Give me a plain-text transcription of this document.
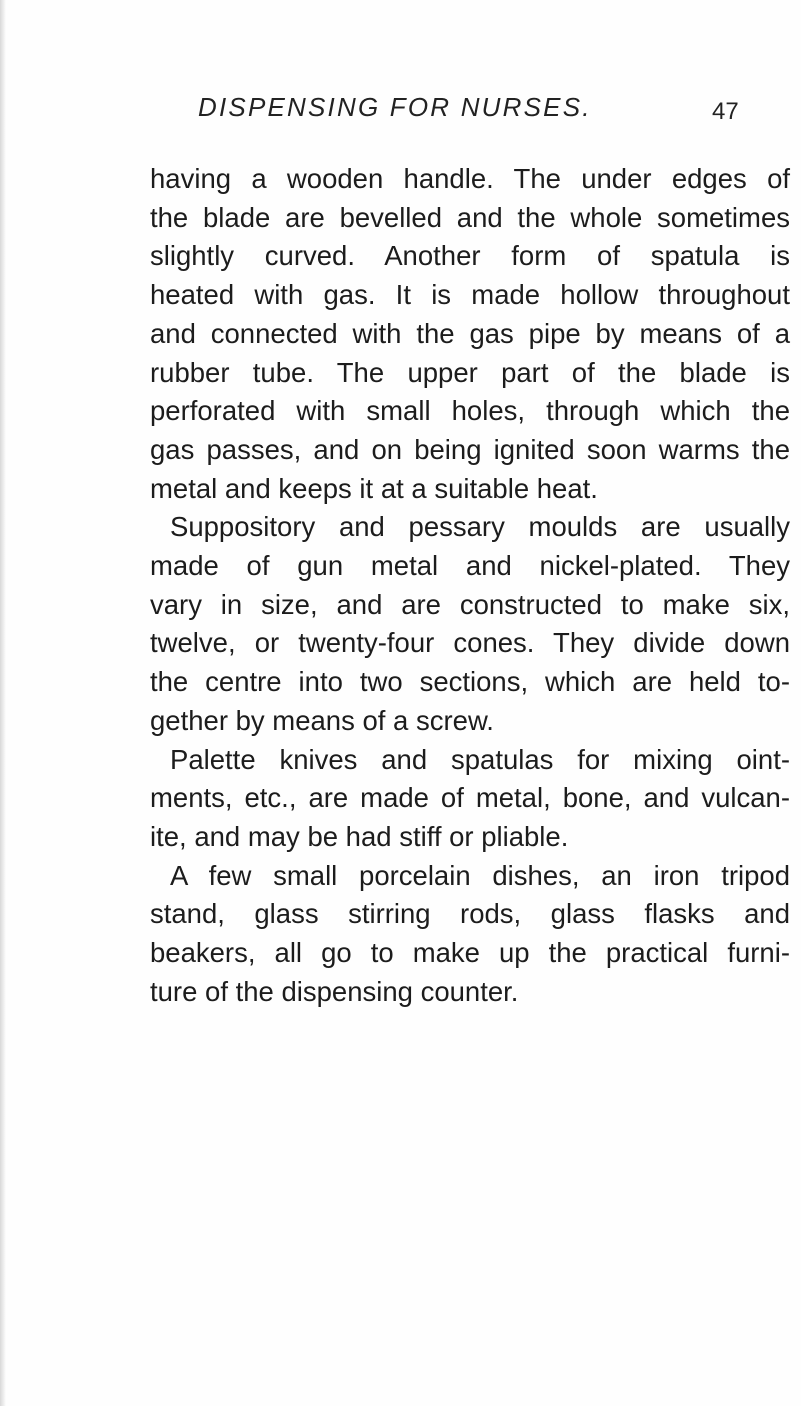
DISPENSING FOR NURSES.	47
having a wooden handle. The under edges of
the blade are bevelled and the whole sometimes
slightly curved. Another form of spatula is
heated with gas. It is made hollow throughout
and connected with the gas pipe by means of a
rubber tube. The upper part of the blade is
perforated with small holes, through which the
gas passes, and on being ignited soon warms the
metal and keeps it at a suitable heat.
Suppository and pessary moulds are usually
made of gun metal and nickel-plated. They
vary in size, and are constructed to make six,
twelve, or twenty-four cones. They divide down
the centre into two sections, which are held to-
gether by means of a screw.
Palette knives and spatulas for mixing oint-
ments, etc., are made of metal, bone, and vulcan-
ite, and may be had stiff or pliable.
A few small porcelain dishes, an iron tripod
stand, glass stirring rods, glass flasks and
beakers, all go to make up the practical furni-
ture of the dispensing counter.
